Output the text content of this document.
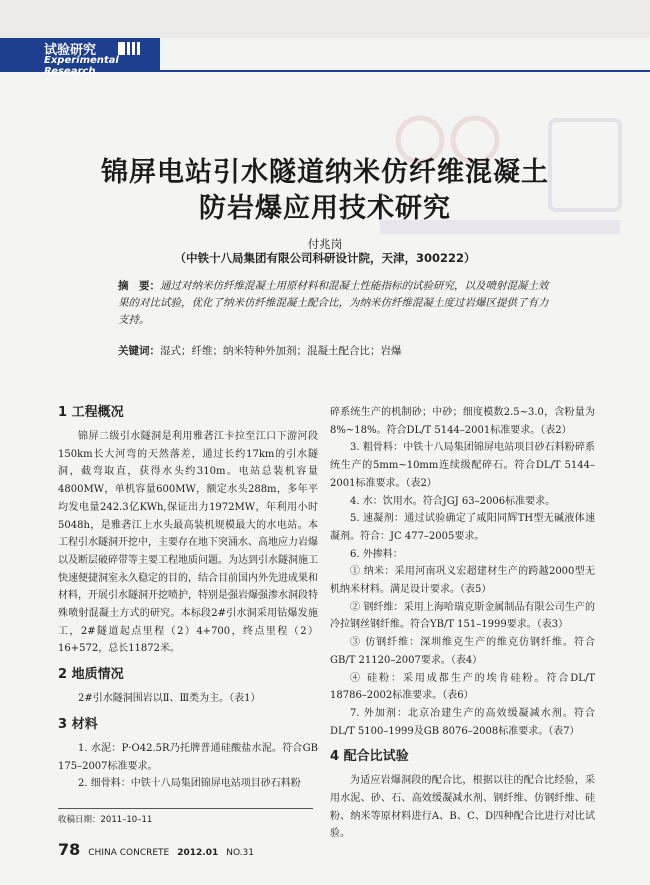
试验研究
Experimental Research
锦屏电站引水隧道纳米仿纤维混凝土
防岩爆应用技术研究
付兆岗
（中铁十八局集团有限公司科研设计院，天津，300222）
摘　要：通过对纳米仿纤维混凝土用原材料和混凝土性能指标的试验研究，以及喷射混凝土效果的对比试验，优化了纳米仿纤维混凝土配合比，为纳米仿纤维混凝土度过岩爆区提供了有力支持。
关键词：湿式；纤维；纳米特种外加剂；混凝土配合比；岩爆
1 工程概况

锦屏二级引水隧洞是利用雅砻江卡拉至江口下游河段150km长大河弯的天然落差，通过长约17km的引水隧洞，截弯取直，获得水头约310m。电站总装机容量4800MW，单机容量600MW，额定水头288m，多年平均发电量242.3亿KWh,保证出力1972MW，年利用小时5048h，是雅砻江上水头最高装机规模最大的水电站。本工程引水隧洞开挖中，主要存在地下突涌水、高地应力岩爆以及断层破碎带等主要工程地质问题。为达到引水隧洞施工快速便捷洞室永久稳定的目的，结合目前国内外先进成果和材料，开展引水隧洞开挖喷护，特别是强岩爆强渗水洞段特殊喷射混凝土方式的研究。本标段2#引水洞采用钻爆发施工，2#隧道起点里程（2）4+700，终点里程（2）16+572，总长11872米。

2 地质情况

2#引水隧洞围岩以Ⅱ、Ⅲ类为主。（表1）

3 材料

1. 水泥：P·O42.5R乃托牌普通硅酸盐水泥。符合GB 175–2007标准要求。

2. 细骨料：中铁十八局集团锦屏电站项目砂石料粉

碎系统生产的机制砂；中砂；细度模数2.5~3.0，含粉量为8%~18%。符合DL/T 5144–2001标准要求。（表2）

3. 粗骨料：中铁十八局集团锦屏电站项目砂石料粉碎系统生产的5mm~10mm连续级配碎石。符合DL/T 5144–2001标准要求。（表2）

4. 水：饮用水。符合JGJ 63–2006标准要求。

5. 速凝剂：通过试验确定了咸阳同辉TH型无碱液体速凝剂。符合：JC 477–2005要求。

6. 外掺料：

① 纳米：采用河南巩义宏超建材生产的跨越2000型无机纳米材料。满足设计要求。（表5）

② 钢纤维：采用上海哈瑞克斯金属制品有限公司生产的冷拉钢丝钢纤维。符合YB/T 151–1999要求。（表3）

③ 仿钢纤维：深圳维克生产的维克仿钢纤维。符合GB/T 21120–2007要求。（表4）

④ 硅粉：采用成都生产的埃肯硅粉。符合DL/T 18786–2002标准要求。（表6）

7. 外加剂：北京冶建生产的高效缓凝减水剂。符合DL/T 5100–1999及GB 8076–2008标准要求。（表7）

4 配合比试验

为适应岩爆洞段的配合比，根据以往的配合比经验，采用水泥、砂、石、高效缓凝减水剂、钢纤维、仿钢纤维、硅粉、纳米等原材料进行A、B、C、D四种配合比进行对比试验。

收稿日期：2011–10–11
78 CHINA CONCRETE 2012.01 NO.31
